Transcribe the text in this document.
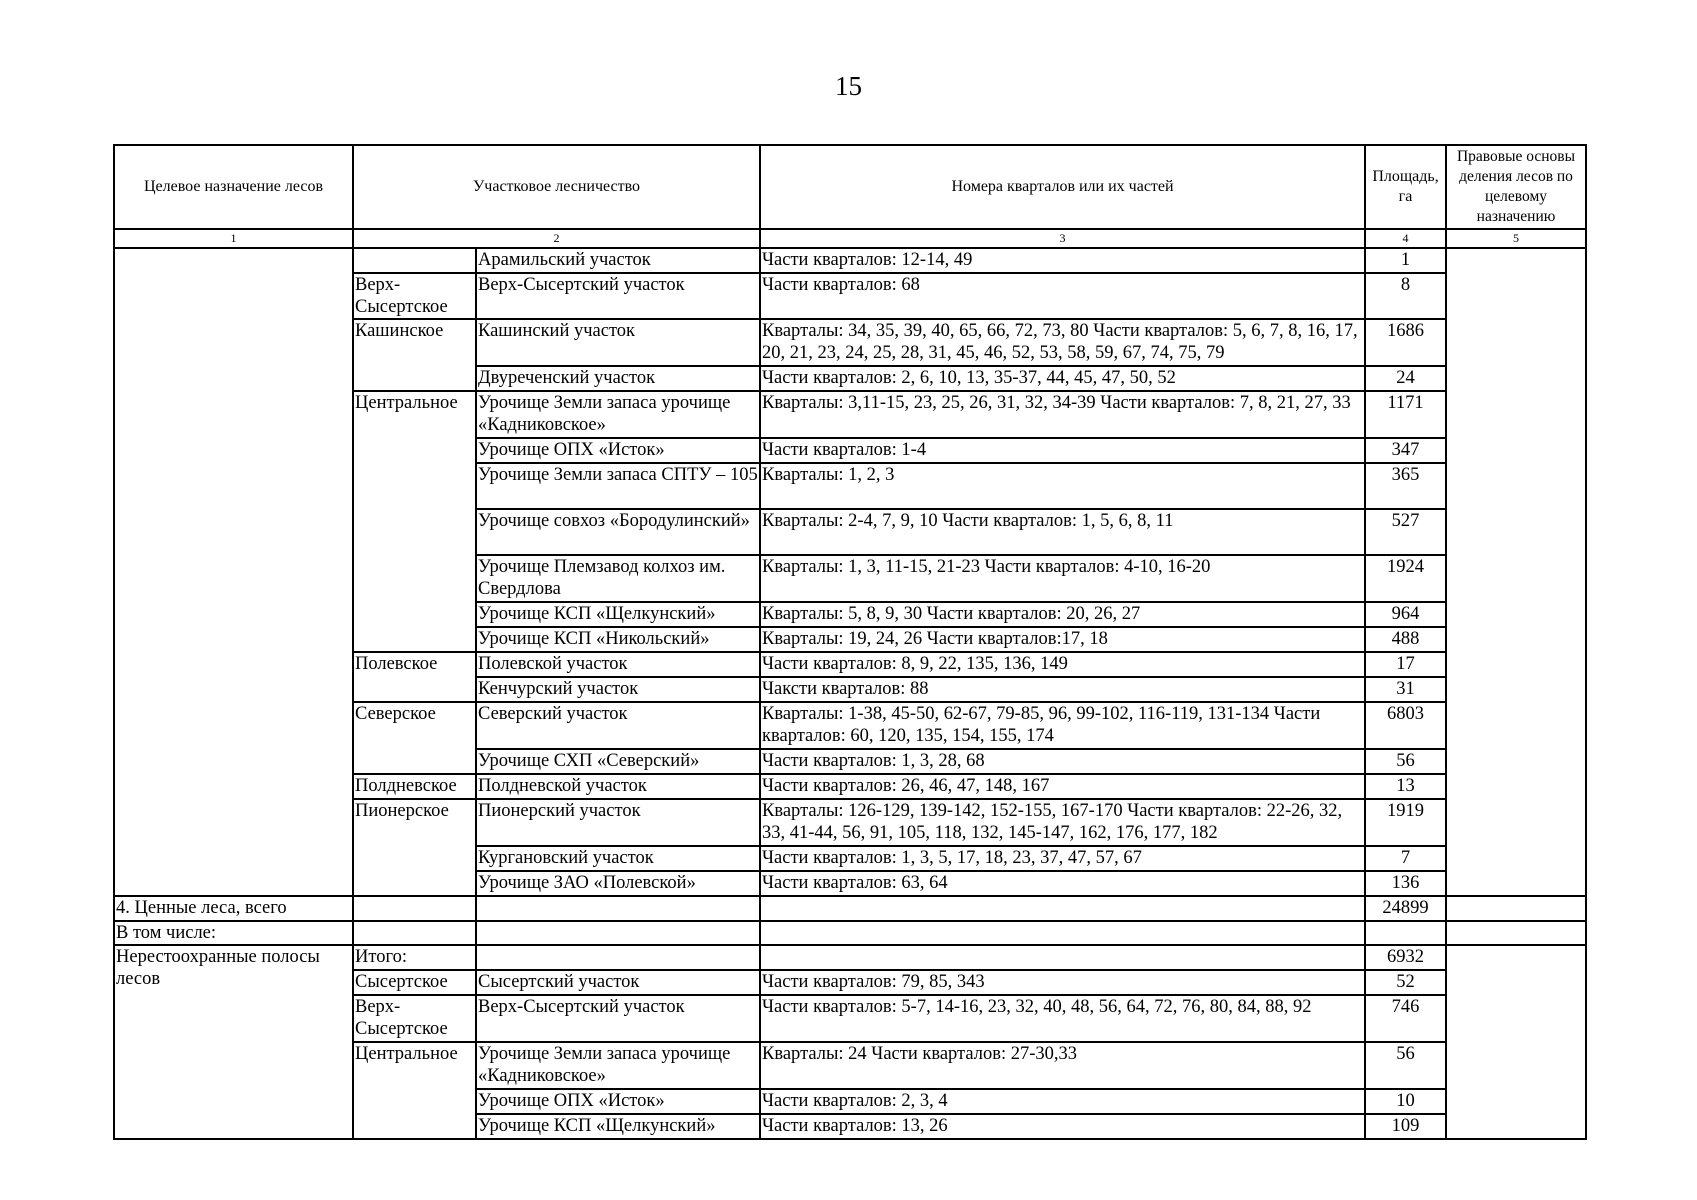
15
Целевое назначение лесов	Участковое лесничество		Номера кварталов или их частей	Площадь, га	Правовые основы деления лесов по целевому назначению
1	2		3	4	5
		Арамильский участок	Части кварталов: 12-14, 49	1	
	Верх-Сысертское	Верх-Сысертский участок	Части кварталов: 68	8	
	Кашинское	Кашинский участок	Кварталы: 34, 35, 39, 40, 65, 66, 72, 73, 80 Части кварталов: 5, 6, 7, 8, 16, 17, 20, 21, 23, 24, 25, 28, 31, 45, 46, 52, 53, 58, 59, 67, 74, 75, 79	1686	
		Двуреченский участок	Части кварталов: 2, 6, 10, 13, 35-37, 44, 45, 47, 50, 52	24	
	Центральное	Урочище Земли запаса урочище «Кадниковское»	Кварталы: 3,11-15, 23, 25, 26, 31, 32, 34-39 Части кварталов: 7, 8, 21, 27, 33	1171	
		Урочище ОПХ «Исток»	Части кварталов: 1-4	347	
		Урочище Земли запаса СПТУ – 105	Кварталы: 1, 2, 3	365	
		Урочище совхоз «Бородулинский»	Кварталы: 2-4, 7, 9, 10 Части кварталов: 1, 5, 6, 8, 11	527	
		Урочище Племзавод колхоз им. Свердлова	Кварталы: 1, 3, 11-15, 21-23 Части кварталов: 4-10, 16-20	1924	
		Урочище КСП «Щелкунский»	Кварталы: 5, 8, 9, 30 Части кварталов: 20, 26, 27	964	
		Урочище КСП «Никольский»	Кварталы: 19, 24, 26 Части кварталов:17, 18	488	
	Полевское	Полевской участок	Части кварталов: 8, 9, 22, 135, 136, 149	17	
		Кенчурский участок	Чаксти кварталов: 88	31	
	Северское	Северский участок	Кварталы: 1-38, 45-50, 62-67, 79-85, 96, 99-102, 116-119, 131-134 Части кварталов: 60, 120, 135, 154, 155, 174	6803	
		Урочище СХП «Северский»	Части кварталов: 1, 3, 28, 68	56	
	Полдневское	Полдневской участок	Части кварталов: 26, 46, 47, 148, 167	13	
	Пионерское	Пионерский участок	Кварталы: 126-129, 139-142, 152-155, 167-170 Части кварталов: 22-26, 32, 33, 41-44, 56, 91, 105, 118, 132, 145-147, 162, 176, 177, 182	1919	
		Кургановский участок	Части кварталов: 1, 3, 5, 17, 18, 23, 37, 47, 57, 67	7	
		Урочище ЗАО «Полевской»	Части кварталов: 63, 64	136	
4. Ценные леса, всего				24899	
В том числе:					
Нерестоохранные полосы лесов	Итого:			6932	
	Сысертское	Сысертский участок	Части кварталов: 79, 85, 343	52	
	Верх-Сысертское	Верх-Сысертский участок	Части кварталов: 5-7, 14-16, 23, 32, 40, 48, 56, 64, 72, 76, 80, 84, 88, 92	746	
	Центральное	Урочище Земли запаса урочище «Кадниковское»	Кварталы: 24 Части кварталов: 27-30,33	56	
		Урочище ОПХ «Исток»	Части кварталов: 2, 3, 4	10	
		Урочище КСП «Щелкунский»	Части кварталов: 13, 26	109	
